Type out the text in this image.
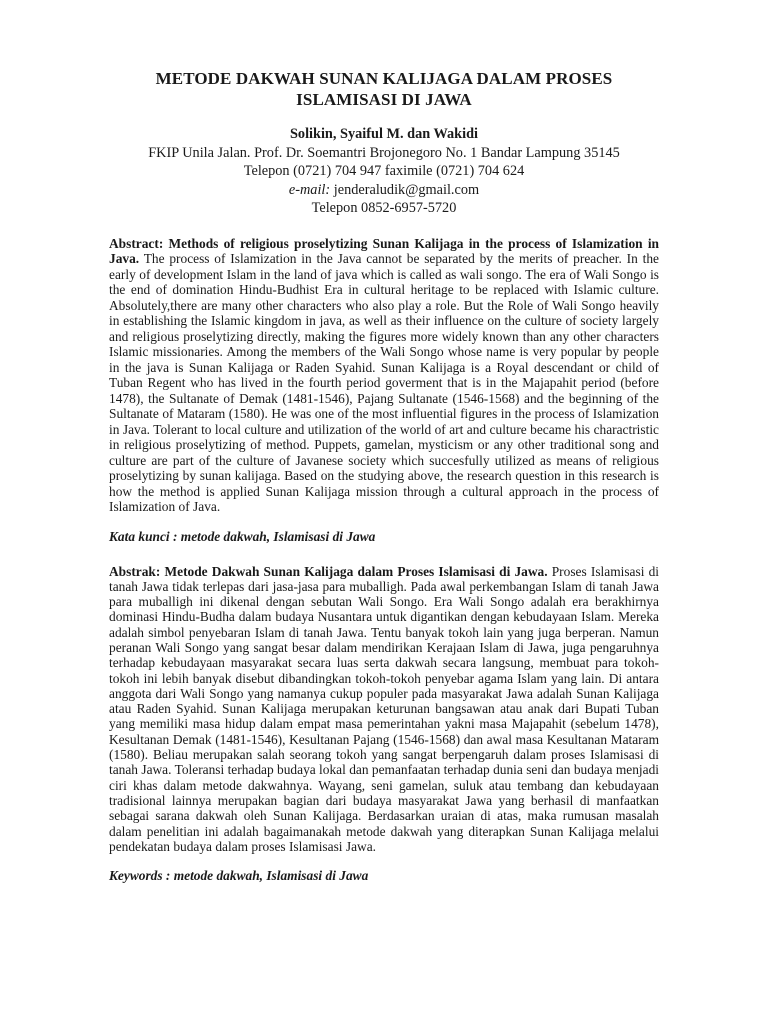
METODE DAKWAH SUNAN KALIJAGA DALAM PROSES
ISLAMISASI DI JAWA
Solikin, Syaiful M. dan Wakidi
FKIP Unila Jalan. Prof. Dr. Soemantri Brojonegoro No. 1 Bandar Lampung 35145
Telepon (0721) 704 947 faximile (0721) 704 624
e-mail: jenderaludik@gmail.com
Telepon 0852-6957-5720

Abstract: Methods of religious proselytizing Sunan Kalijaga in the process of Islamization in Java. The process of Islamization in the Java cannot be separated by the merits of preacher. In the early of development Islam in the land of java which is called as wali songo. The era of Wali Songo is the end of domination Hindu-Budhist Era in cultural heritage to be replaced with Islamic culture. Absolutely,there are many other characters who also play a role. But the Role of Wali Songo heavily in establishing the Islamic kingdom in java, as well as their influence on the culture of society largely and religious proselytizing directly, making the figures more widely known than any other characters Islamic missionaries. Among the members of the Wali Songo whose name is very popular by people in the java is Sunan Kalijaga or Raden Syahid. Sunan Kalijaga is a Royal descendant or child of Tuban Regent who has lived in the fourth period goverment that is in the Majapahit period (before 1478), the Sultanate of Demak (1481-1546), Pajang Sultanate (1546-1568) and the beginning of the Sultanate of Mataram (1580). He was one of the most influential figures in the process of Islamization in Java. Tolerant to local culture and utilization of the world of art and culture became his charactristic in religious proselytizing of method. Puppets, gamelan, mysticism or any other traditional song and culture are part of the culture of Javanese society which succesfully utilized as means of religious proselytizing by sunan kalijaga. Based on the studying above, the research question in this research is how the method is applied Sunan Kalijaga mission through a cultural approach in the process of Islamization of Java.

Kata kunci : metode dakwah, Islamisasi di Jawa

Abstrak: Metode Dakwah Sunan Kalijaga dalam Proses Islamisasi di Jawa. Proses Islamisasi di tanah Jawa tidak terlepas dari jasa-jasa para muballigh. Pada awal perkembangan Islam di tanah Jawa para muballigh ini dikenal dengan sebutan Wali Songo. Era Wali Songo adalah era berakhirnya dominasi Hindu-Budha dalam budaya Nusantara untuk digantikan dengan kebudayaan Islam. Mereka adalah simbol penyebaran Islam di tanah Jawa. Tentu banyak tokoh lain yang juga berperan. Namun peranan Wali Songo yang sangat besar dalam mendirikan Kerajaan Islam di Jawa, juga pengaruhnya terhadap kebudayaan masyarakat secara luas serta dakwah secara langsung, membuat para tokoh-tokoh ini lebih banyak disebut dibandingkan tokoh-tokoh penyebar agama Islam yang lain. Di antara anggota dari Wali Songo yang namanya cukup populer pada masyarakat Jawa adalah Sunan Kalijaga atau Raden Syahid. Sunan Kalijaga merupakan keturunan bangsawan atau anak dari Bupati Tuban yang memiliki masa hidup dalam empat masa pemerintahan yakni masa Majapahit (sebelum 1478), Kesultanan Demak (1481-1546), Kesultanan Pajang (1546-1568) dan awal masa Kesultanan Mataram (1580). Beliau merupakan salah seorang tokoh yang sangat berpengaruh dalam proses Islamisasi di tanah Jawa. Toleransi terhadap budaya lokal dan pemanfaatan terhadap dunia seni dan budaya menjadi ciri khas dalam metode dakwahnya. Wayang, seni gamelan, suluk atau tembang dan kebudayaan tradisional lainnya merupakan bagian dari budaya masyarakat Jawa yang berhasil di manfaatkan sebagai sarana dakwah oleh Sunan Kalijaga. Berdasarkan uraian di atas, maka rumusan masalah dalam penelitian ini adalah bagaimanakah metode dakwah yang diterapkan Sunan Kalijaga melalui pendekatan budaya dalam proses Islamisasi Jawa.

Keywords : metode dakwah, Islamisasi di Jawa
